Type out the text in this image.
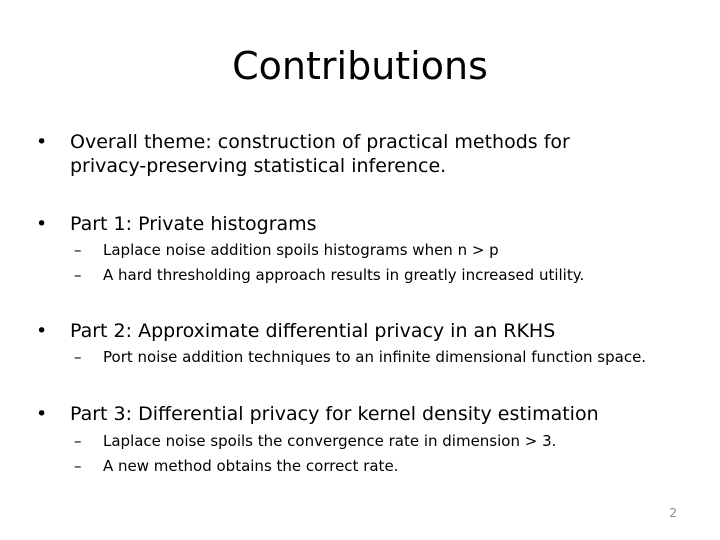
Contributions
• Overall theme: construction of practical methods for privacy-preserving statistical inference.
• Part 1: Private histograms
– Laplace noise addition spoils histograms when n > p
– A hard thresholding approach results in greatly increased utility.
• Part 2: Approximate differential privacy in an RKHS
– Port noise addition techniques to an infinite dimensional function space.
• Part 3: Differential privacy for kernel density estimation
– Laplace noise spoils the convergence rate in dimension > 3.
– A new method obtains the correct rate.
2
